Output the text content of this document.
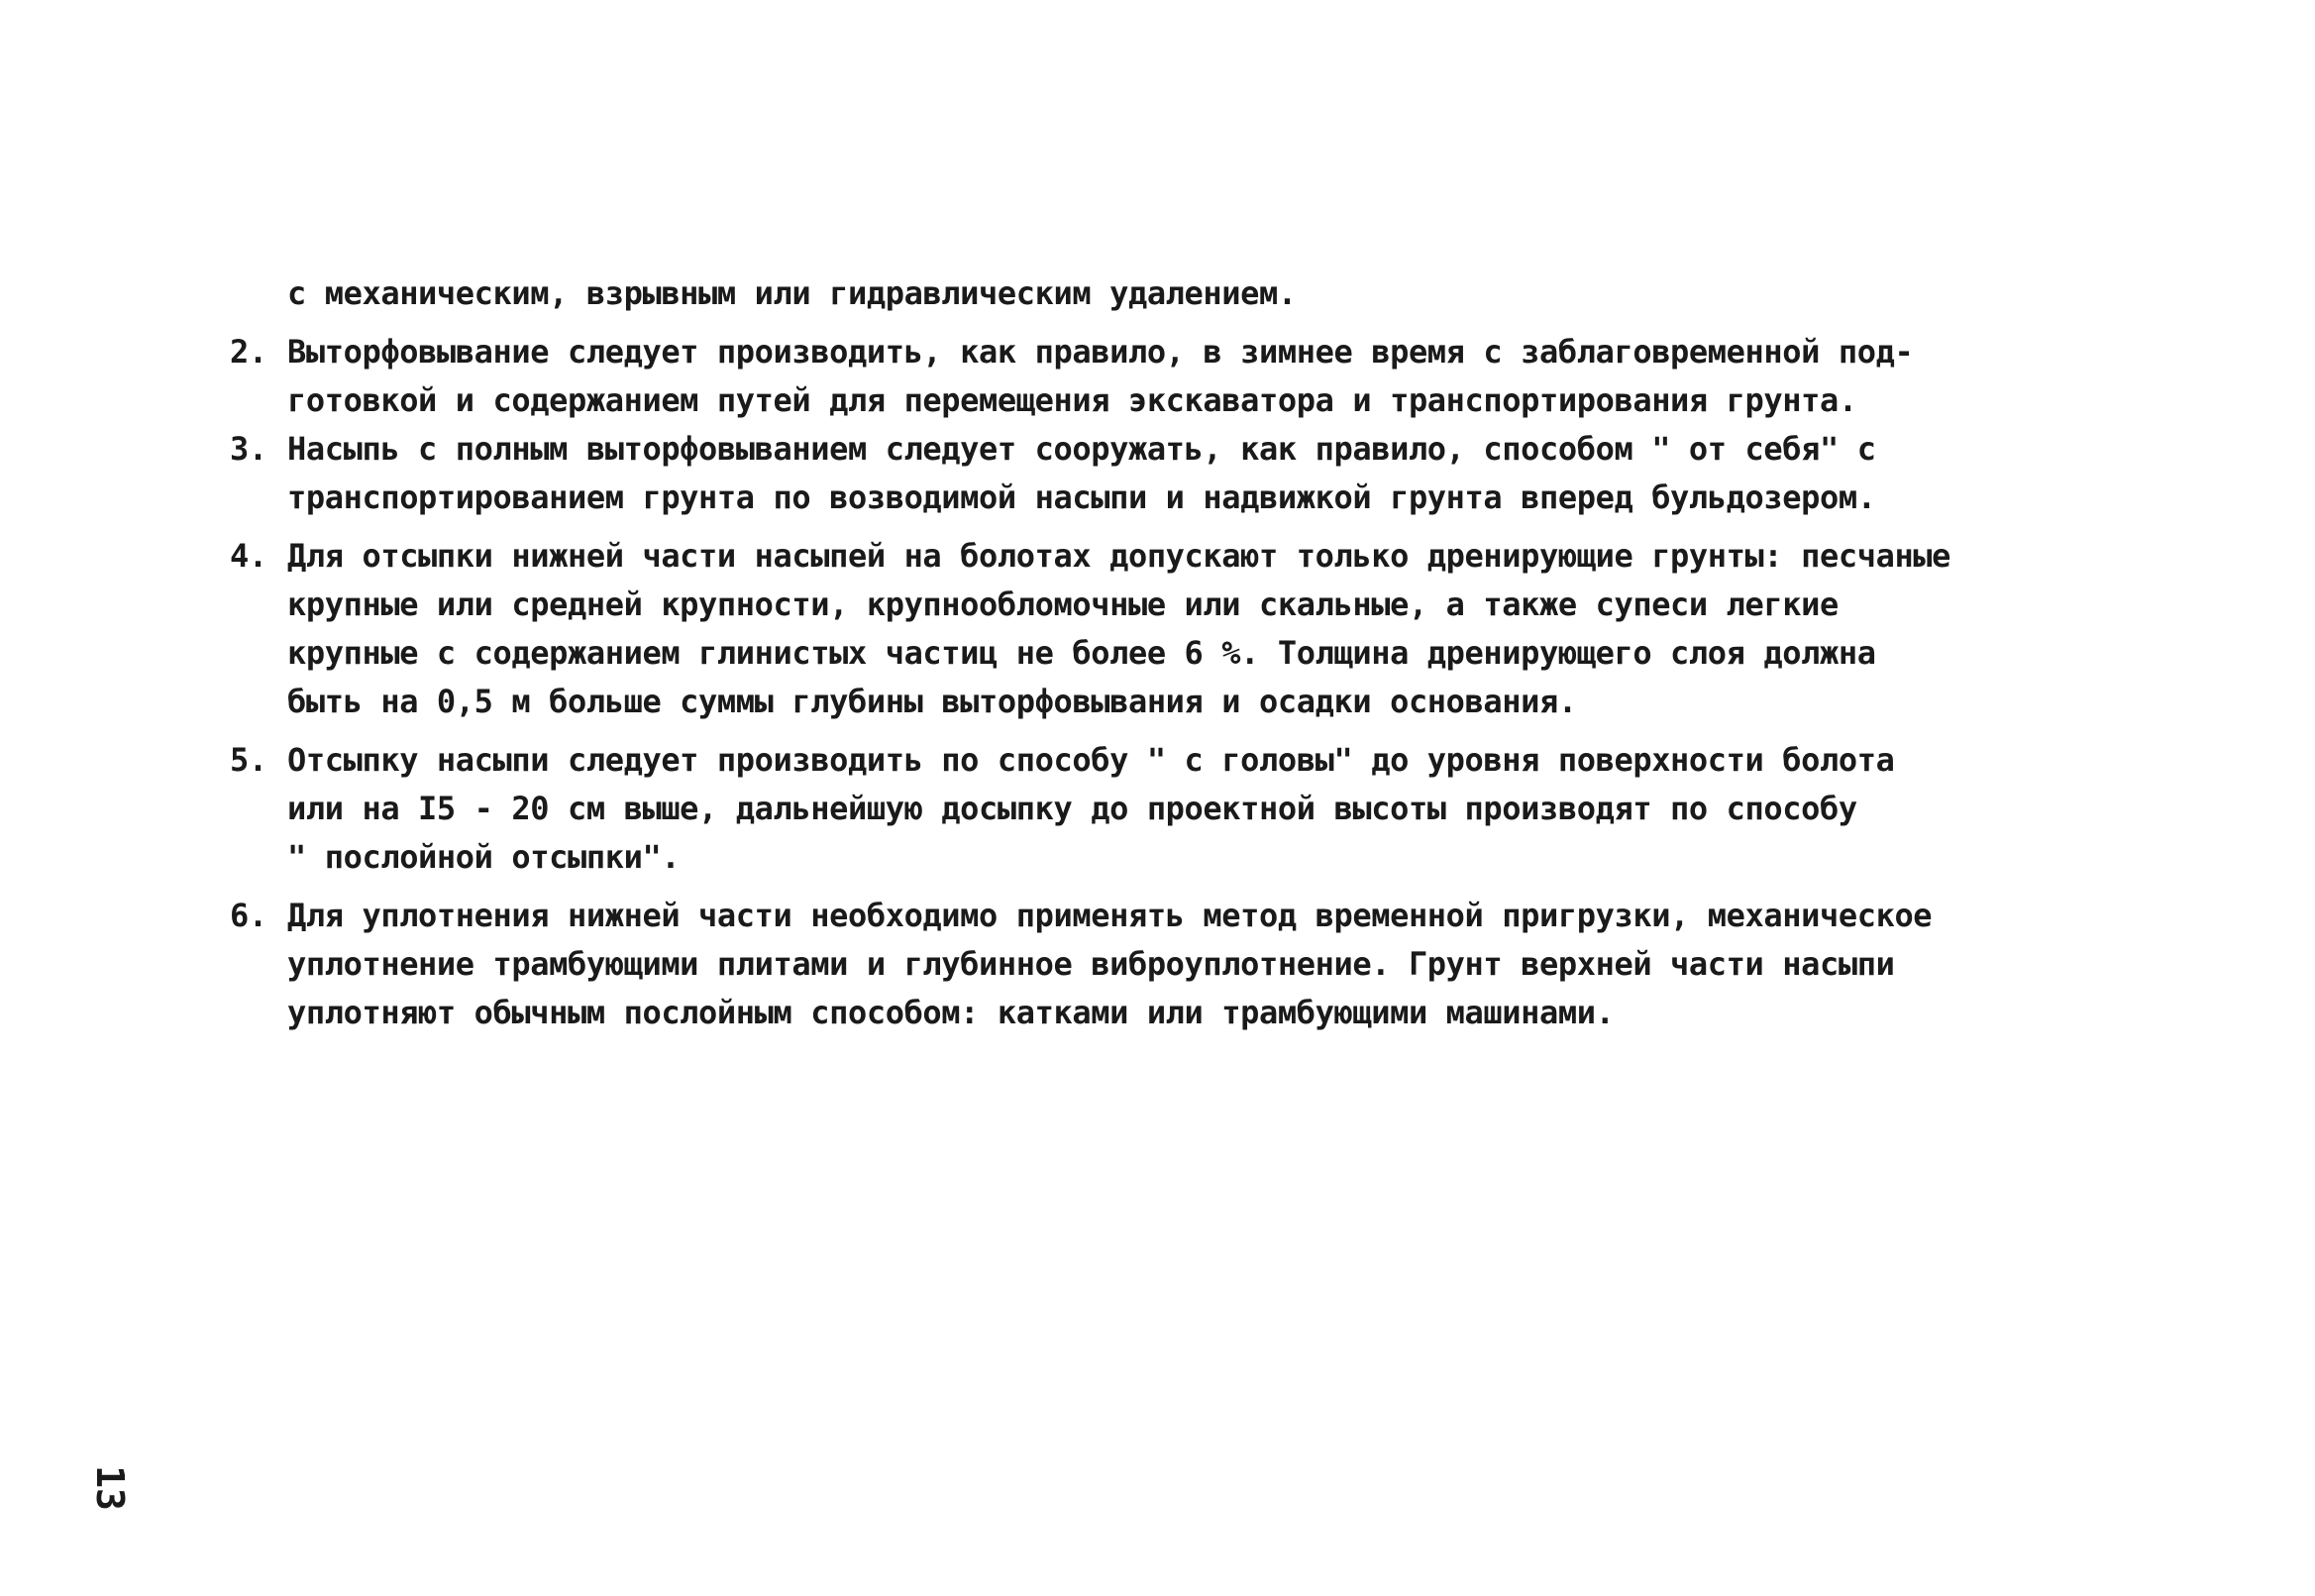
с механическим, взрывным или гидравлическим удалением.

2. Выторфовывание следует производить, как правило, в зимнее время с заблаговременной под-
готовкой и содержанием путей для перемещения экскаватора и транспортирования грунта.

3. Насыпь с полным выторфовыванием следует сооружать, как правило, способом " от себя" с
транспортированием грунта по возводимой насыпи и надвижкой грунта вперед бульдозером.

4. Для отсыпки нижней части насыпей на болотах допускают только дренирующие грунты: песчаные
крупные или средней крупности, крупнообломочные или скальные, а также супеси легкие
крупные с содержанием глинистых частиц не более 6 %. Толщина дренирующего слоя должна
быть на 0,5 м больше суммы глубины выторфовывания и осадки основания.

5. Отсыпку насыпи следует производить по способу " с головы" до уровня поверхности болота
или на I5 - 20 см выше, дальнейшую досыпку до проектной высоты производят по способу
" послойной отсыпки".

6. Для уплотнения нижней части необходимо применять метод временной пригрузки, механическое
уплотнение трамбующими плитами и глубинное виброуплотнение. Грунт верхней части насыпи
уплотняют обычным послойным способом: катками или трамбующими машинами.

13
